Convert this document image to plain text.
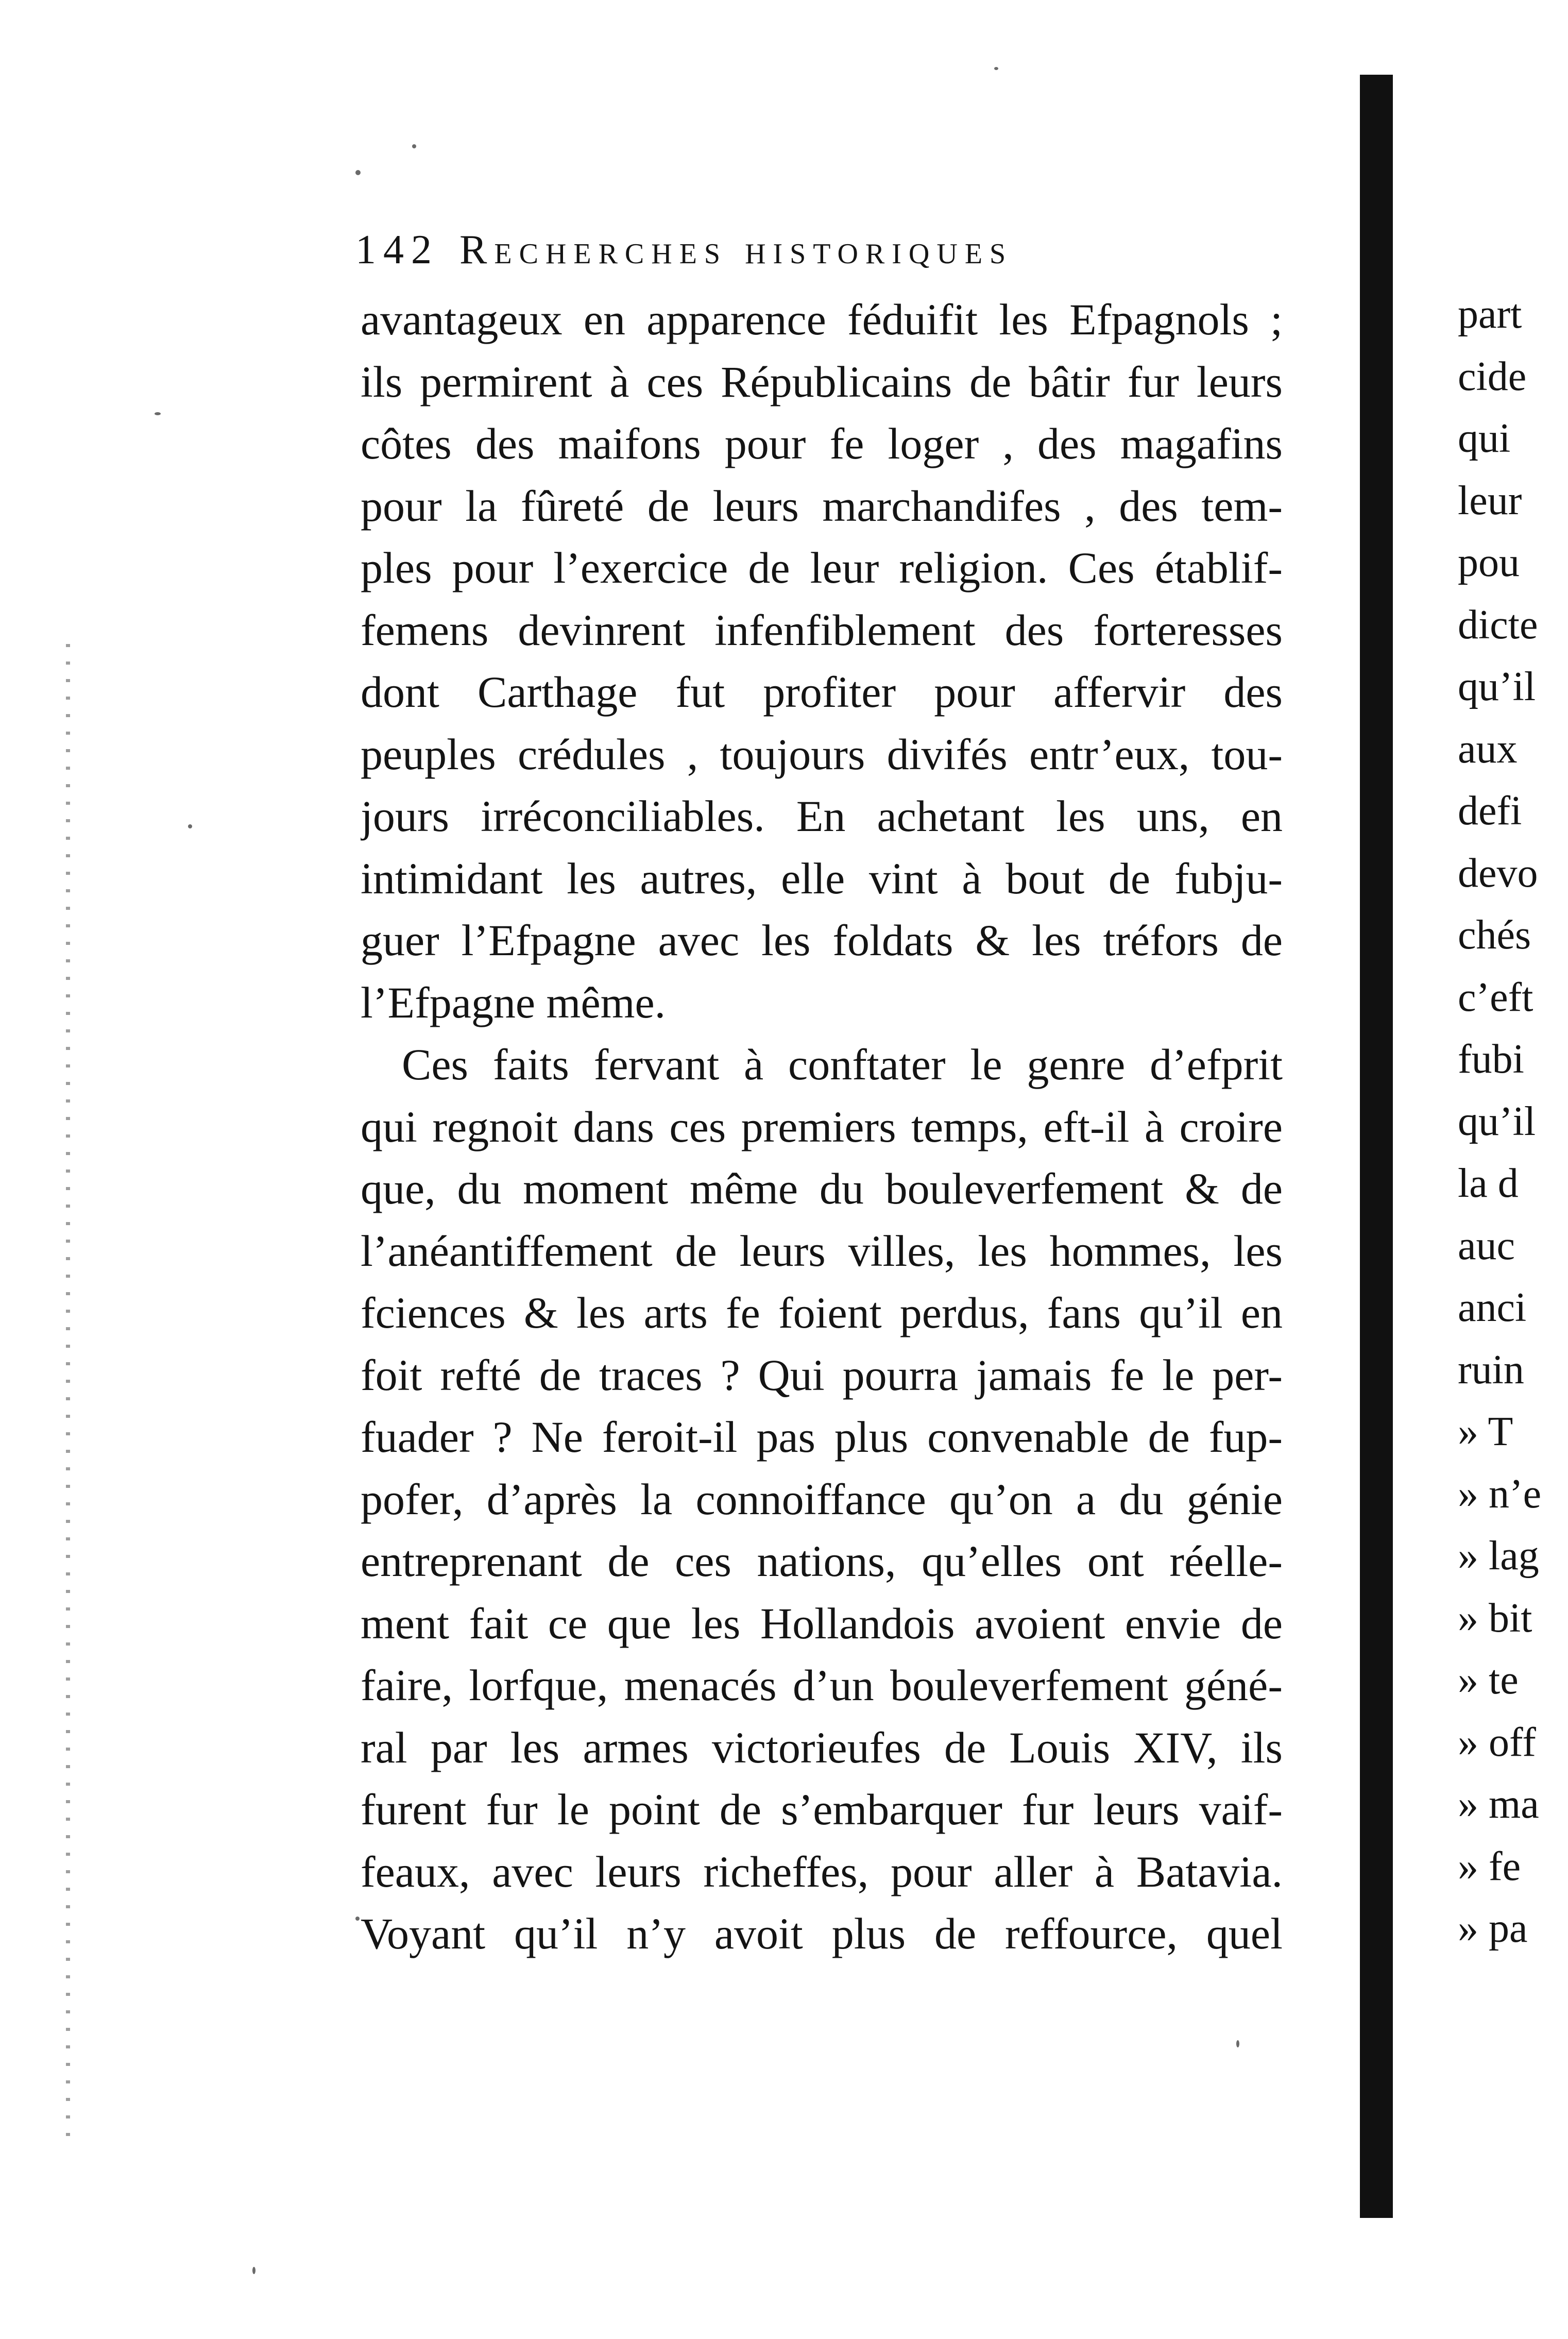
142 Recherches historiques
avantageux en apparence féduifit les Efpagnols ;
ils permirent à ces Républicains de bâtir fur leurs
côtes des maifons pour fe loger , des magafins
pour la fûreté de leurs marchandifes , des tem-
ples pour l’exercice de leur religion. Ces établif-
femens devinrent infenfiblement des forteresses
dont Carthage fut profiter pour affervir des
peuples crédules , toujours divifés entr’eux, tou-
jours irréconciliables. En achetant les uns, en
intimidant les autres, elle vint à bout de fubju-
guer l’Efpagne avec les foldats & les tréfors de
l’Efpagne même.
Ces faits fervant à conftater le genre d’efprit
qui regnoit dans ces premiers temps, eft-il à croire
que, du moment même du bouleverfement & de
l’anéantiffement de leurs villes, les hommes, les
fciences & les arts fe foient perdus, fans qu’il en
foit refté de traces ? Qui pourra jamais fe le per-
fuader ? Ne feroit-il pas plus convenable de fup-
pofer, d’après la connoiffance qu’on a du génie
entreprenant de ces nations, qu’elles ont réelle-
ment fait ce que les Hollandois avoient envie de
faire, lorfque, menacés d’un bouleverfement géné-
ral par les armes victorieufes de Louis XIV, ils
furent fur le point de s’embarquer fur leurs vaif-
feaux, avec leurs richeffes, pour aller à Batavia.
Voyant qu’il n’y avoit plus de reffource, quel
part
cide
qui
leur
pou
dicte
qu’il
aux
defi
devo
chés
c’eft
fubi
qu’il
la d
auc
anci
ruin
» T
» n’e
» lag
» bit
» te
» off
» ma
» fe
» pa
